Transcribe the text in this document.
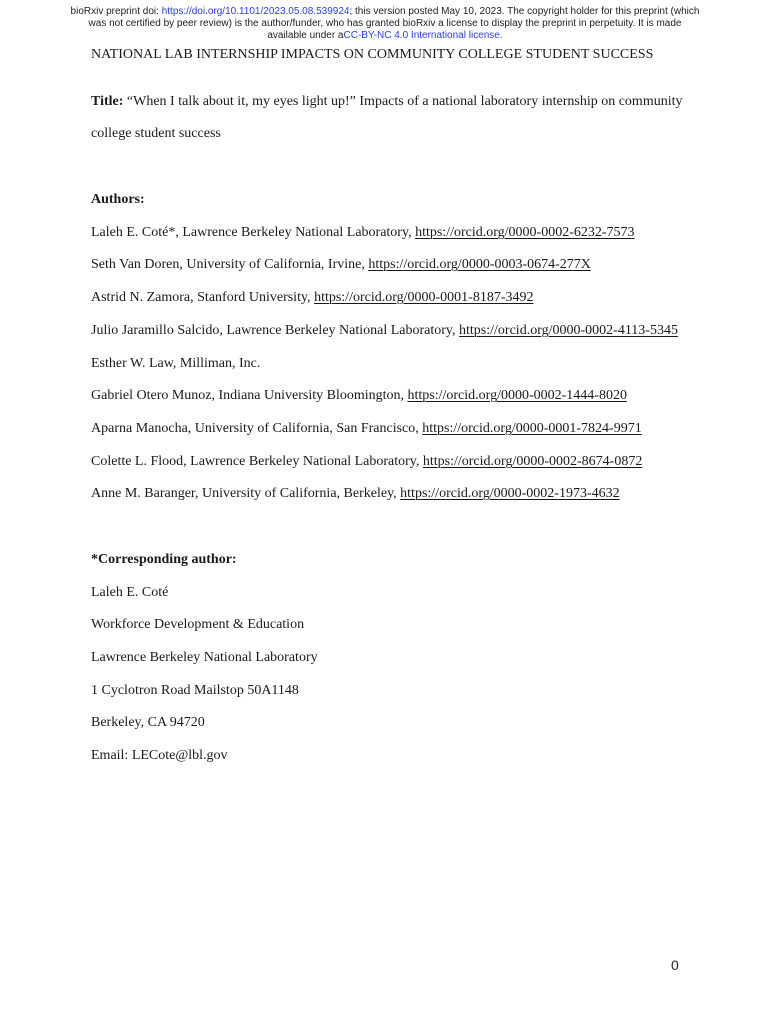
bioRxiv preprint doi: https://doi.org/10.1101/2023.05.08.539924; this version posted May 10, 2023. The copyright holder for this preprint (which
was not certified by peer review) is the author/funder, who has granted bioRxiv a license to display the preprint in perpetuity. It is made
available under aCC-BY-NC 4.0 International license.
NATIONAL LAB INTERNSHIP IMPACTS ON COMMUNITY COLLEGE STUDENT SUCCESS
Title: “When I talk about it, my eyes light up!” Impacts of a national laboratory internship on community
college student success
Authors:
Laleh E. Coté*, Lawrence Berkeley National Laboratory, https://orcid.org/0000-0002-6232-7573
Seth Van Doren, University of California, Irvine, https://orcid.org/0000-0003-0674-277X
Astrid N. Zamora, Stanford University, https://orcid.org/0000-0001-8187-3492
Julio Jaramillo Salcido, Lawrence Berkeley National Laboratory, https://orcid.org/0000-0002-4113-5345
Esther W. Law, Milliman, Inc.
Gabriel Otero Munoz, Indiana University Bloomington, https://orcid.org/0000-0002-1444-8020
Aparna Manocha, University of California, San Francisco, https://orcid.org/0000-0001-7824-9971
Colette L. Flood, Lawrence Berkeley National Laboratory, https://orcid.org/0000-0002-8674-0872
Anne M. Baranger, University of California, Berkeley, https://orcid.org/0000-0002-1973-4632
*Corresponding author:
Laleh E. Coté
Workforce Development & Education
Lawrence Berkeley National Laboratory
1 Cyclotron Road Mailstop 50A1148
Berkeley, CA 94720
Email: LECote@lbl.gov
0
